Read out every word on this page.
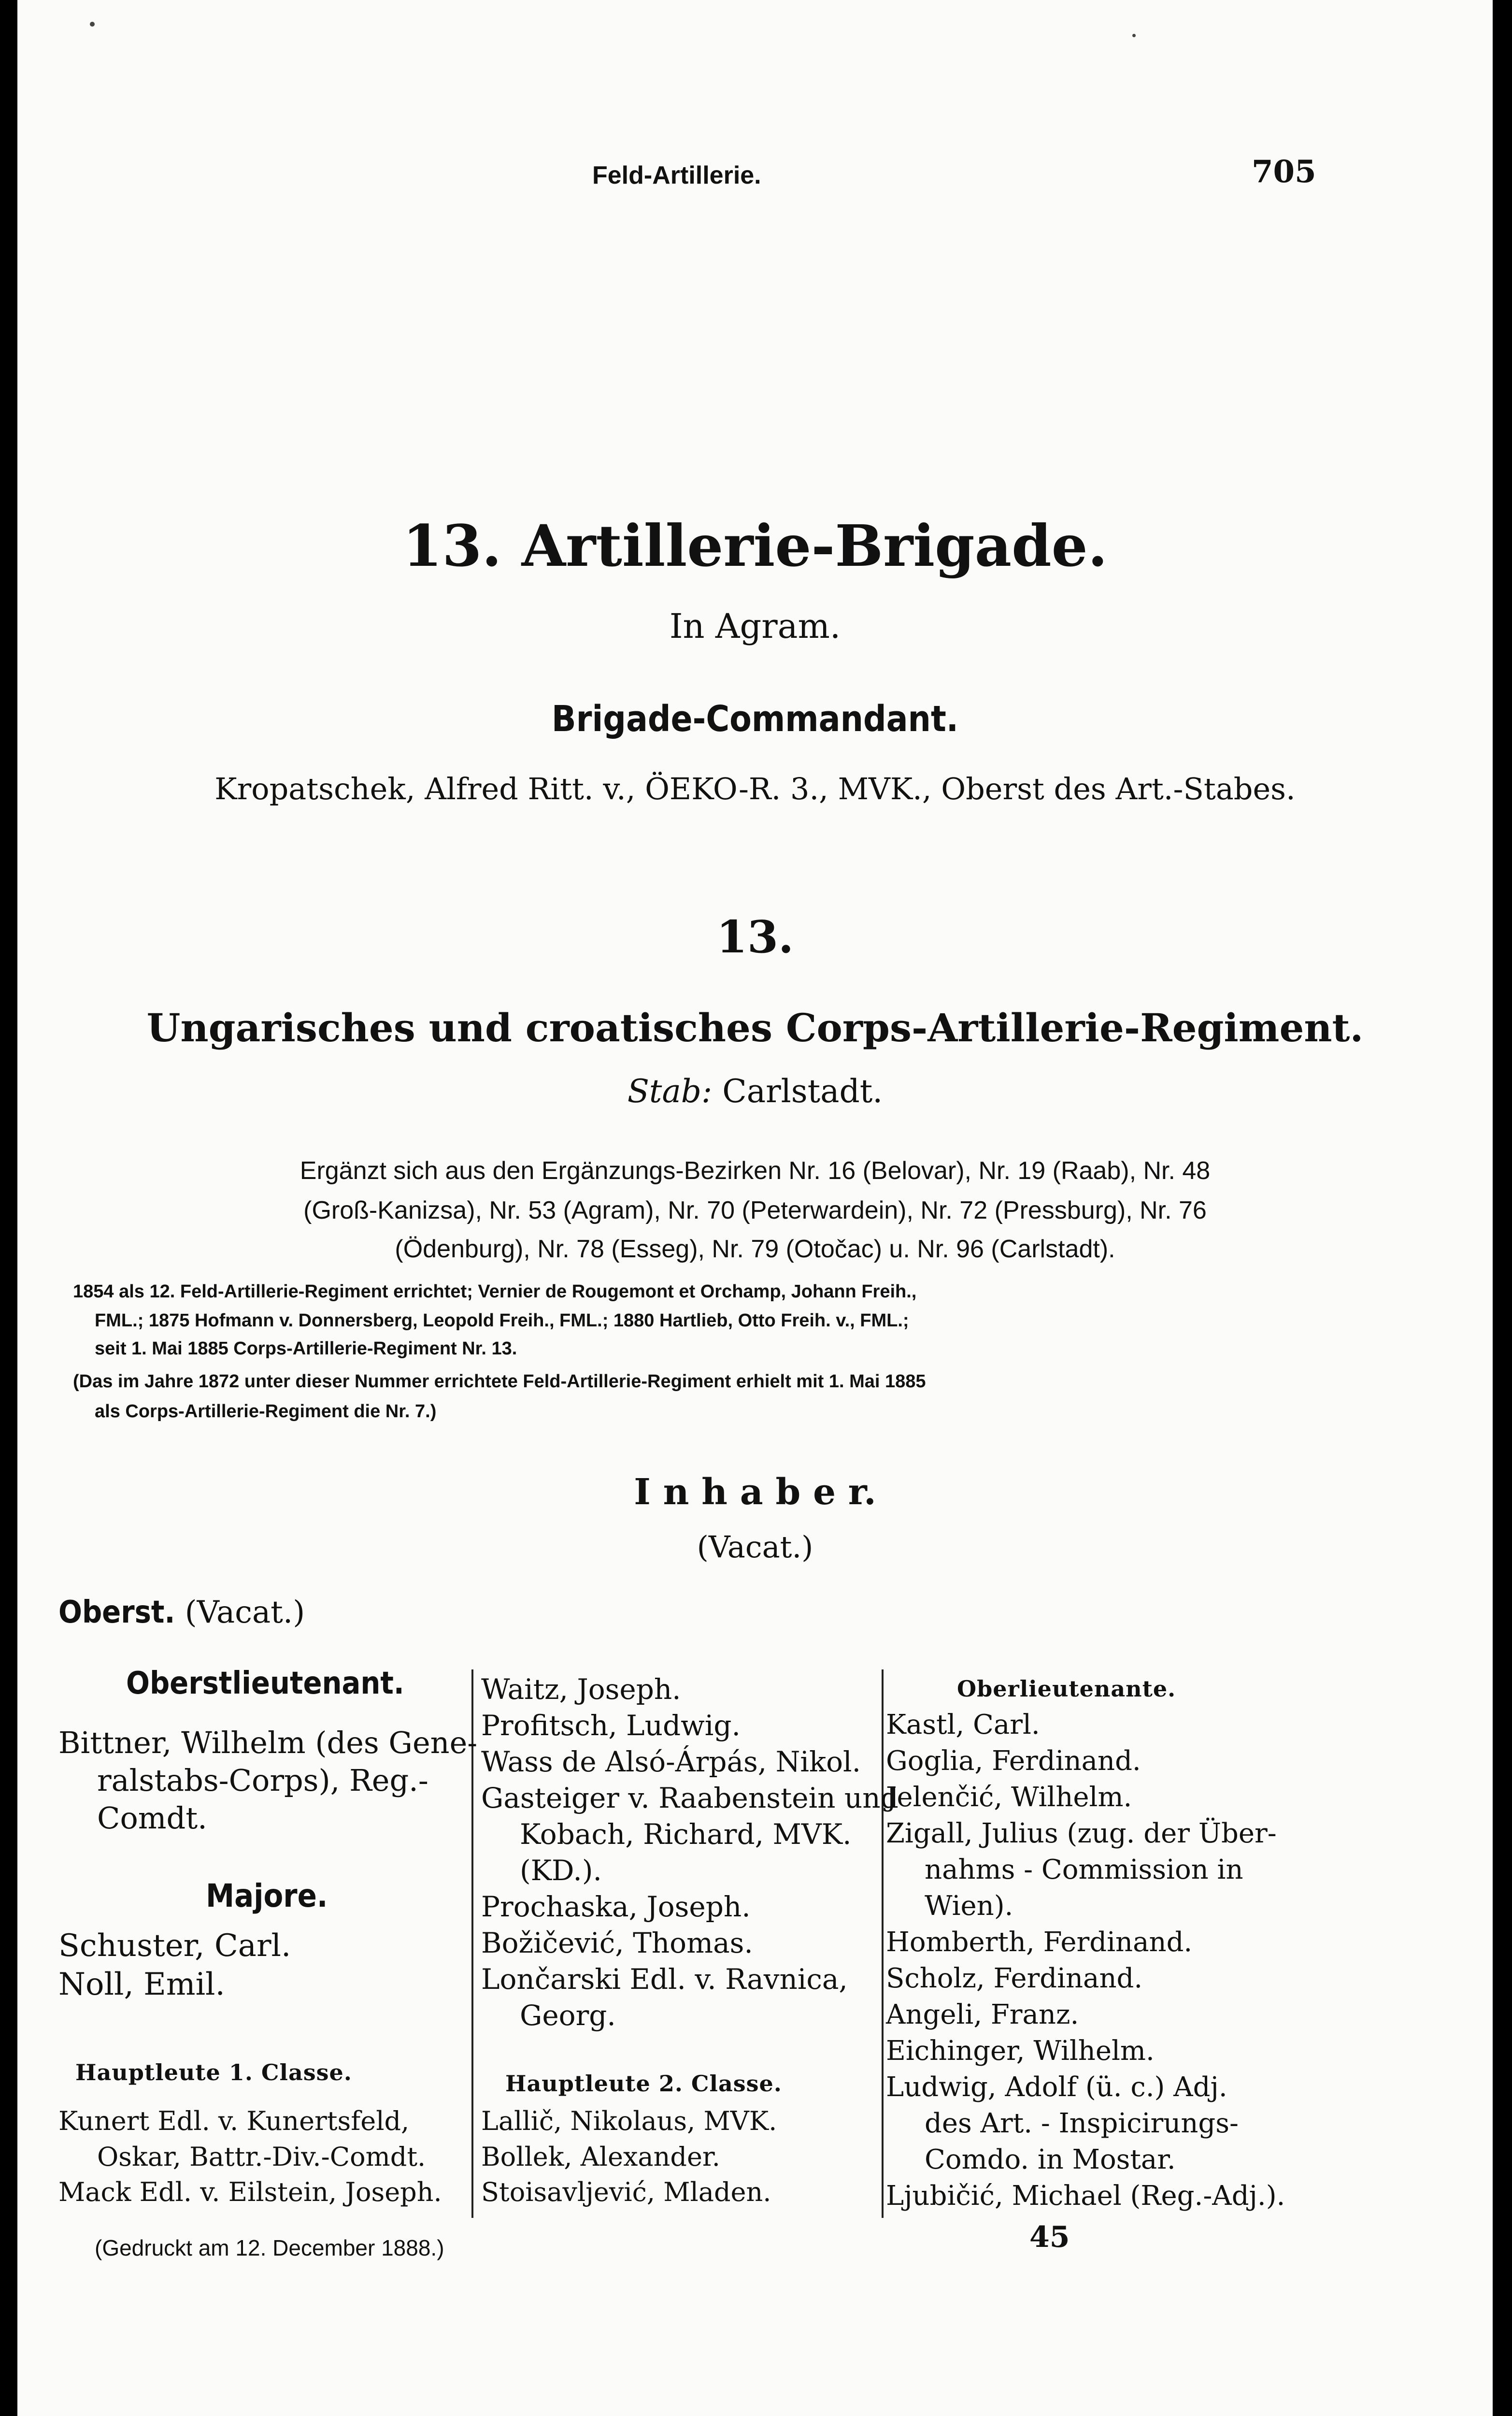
Feld-Artillerie.	705
13. Artillerie-Brigade.
In Agram.
Brigade-Commandant.
Kropatschek, Alfred Ritt. v., ÖEKO-R. 3., MVK., Oberst des Art.-Stabes.
13.
Ungarisches und croatisches Corps-Artillerie-Regiment.
Stab: Carlstadt.
Ergänzt sich aus den Ergänzungs-Bezirken Nr. 16 (Belovar), Nr. 19 (Raab), Nr. 48
(Groß-Kanizsa), Nr. 53 (Agram), Nr. 70 (Peterwardein), Nr. 72 (Pressburg), Nr. 76
(Ödenburg), Nr. 78 (Esseg), Nr. 79 (Otočac) u. Nr. 96 (Carlstadt).
1854 als 12. Feld-Artillerie-Regiment errichtet; Vernier de Rougemont et Orchamp, Johann Freih.,
FML.; 1875 Hofmann v. Donnersberg, Leopold Freih., FML.; 1880 Hartlieb, Otto Freih. v., FML.;
seit 1. Mai 1885 Corps-Artillerie-Regiment Nr. 13.
(Das im Jahre 1872 unter dieser Nummer errichtete Feld-Artillerie-Regiment erhielt mit 1. Mai 1885
als Corps-Artillerie-Regiment die Nr. 7.)
I n h a b e r.
(Vacat.)
Oberst. (Vacat.)
Oberstlieutenant.
Bittner, Wilhelm (des Gene-
ralstabs-Corps), Reg.-
Comdt.
Majore.
Schuster, Carl.
Noll, Emil.
Hauptleute 1. Classe.
Kunert Edl. v. Kunertsfeld,
Oskar, Battr.-Div.-Comdt.
Mack Edl. v. Eilstein, Joseph.
Waitz, Joseph.
Profitsch, Ludwig.
Wass de Alsó-Árpás, Nikol.
Gasteiger v. Raabenstein und
Kobach, Richard, MVK.
(KD.).
Prochaska, Joseph.
Božičević, Thomas.
Lončarski Edl. v. Ravnica,
Georg.
Hauptleute 2. Classe.
Lallič, Nikolaus, MVK.
Bollek, Alexander.
Stoisavljević, Mladen.
Oberlieutenante.
Kastl, Carl.
Goglia, Ferdinand.
Jelenčić, Wilhelm.
Zigall, Julius (zug. der Über-
nahms - Commission in
Wien).
Homberth, Ferdinand.
Scholz, Ferdinand.
Angeli, Franz.
Eichinger, Wilhelm.
Ludwig, Adolf (ü. c.) Adj.
des Art. - Inspicirungs-
Comdo. in Mostar.
Ljubičić, Michael (Reg.-Adj.).
(Gedruckt am 12. December 1888.)	45
